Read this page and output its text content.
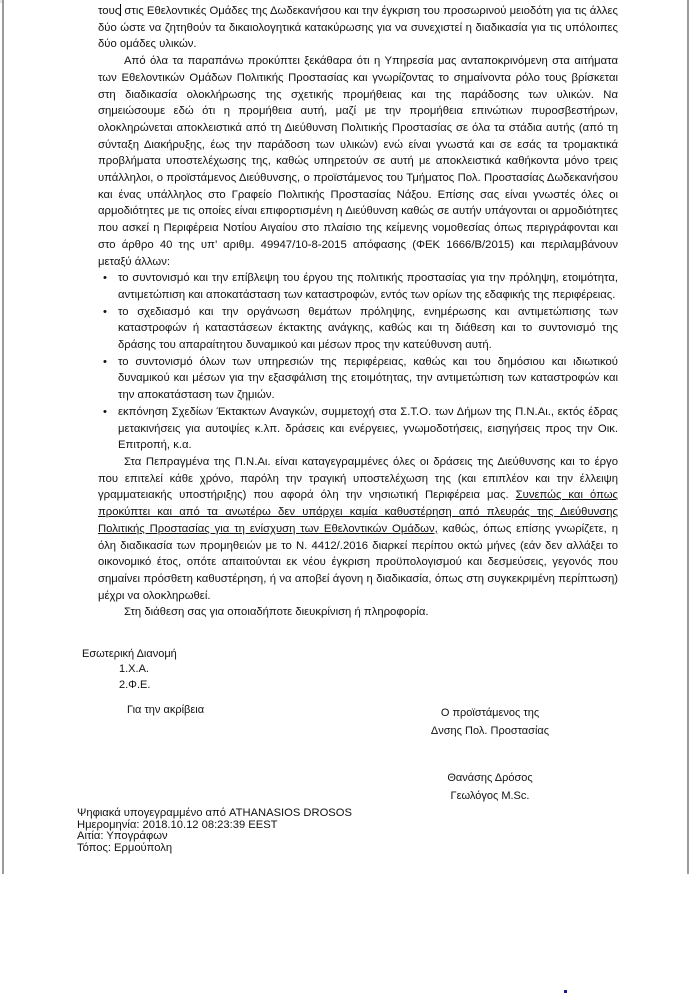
τους στις Εθελοντικές Ομάδες της Δωδεκανήσου και την έγκριση του προσωρινού μειοδότη για τις άλλες δύο ώστε να ζητηθούν τα δικαιολογητικά κατακύρωσης για να συνεχιστεί η διαδικασία για τις υπόλοιπες δύο ομάδες υλικών.

Από όλα τα παραπάνω προκύπτει ξεκάθαρα ότι η Υπηρεσία μας ανταποκρινόμενη στα αιτήματα των Εθελοντικών Ομάδων Πολιτικής Προστασίας και γνωρίζοντας το σημαίνοντα ρόλο τους βρίσκεται στη διαδικασία ολοκλήρωσης της σχετικής προμήθειας και της παράδοσης των υλικών. Να σημειώσουμε εδώ ότι η προμήθεια αυτή, μαζί με την προμήθεια επινώτιων πυροσβεστήρων, ολοκληρώνεται αποκλειστικά από τη Διεύθυνση Πολιτικής Προστασίας σε όλα τα στάδια αυτής (από τη σύνταξη Διακήρυξης, έως την παράδοση των υλικών) ενώ είναι γνωστά και σε εσάς τα τρομακτικά προβλήματα υποστελέχωσης της, καθώς υπηρετούν σε αυτή με αποκλειστικά καθήκοντα μόνο τρεις υπάλληλοι, ο προϊστάμενος Διεύθυνσης, ο προϊστάμενος του Τμήματος Πολ. Προστασίας Δωδεκανήσου και ένας υπάλληλος στο Γραφείο Πολιτικής Προστασίας Νάξου. Επίσης σας είναι γνωστές όλες οι αρμοδιότητες με τις οποίες είναι επιφορτισμένη η Διεύθυνση καθώς σε αυτήν υπάγονται οι αρμοδιότητες που ασκεί η Περιφέρεια Νοτίου Αιγαίου στο πλαίσιο της κείμενης νομοθεσίας όπως περιγράφονται και στο άρθρο 40 της υπ’ αριθμ. 49947/10-8-2015 απόφασης (ΦΕΚ 1666/Β/2015) και περιλαμβάνουν μεταξύ άλλων:

• το συντονισμό και την επίβλεψη του έργου της πολιτικής προστασίας για την πρόληψη, ετοιμότητα, αντιμετώπιση και αποκατάσταση των καταστροφών, εντός των ορίων της εδαφικής της περιφέρειας.
• το σχεδιασμό και την οργάνωση θεμάτων πρόληψης, ενημέρωσης και αντιμετώπισης των καταστροφών ή καταστάσεων έκτακτης ανάγκης, καθώς και τη διάθεση και το συντονισμό της δράσης του απαραίτητου δυναμικού και μέσων προς την κατεύθυνση αυτή.
• το συντονισμό όλων των υπηρεσιών της περιφέρειας, καθώς και του δημόσιου και ιδιωτικού δυναμικού και μέσων για την εξασφάλιση της ετοιμότητας, την αντιμετώπιση των καταστροφών και την αποκατάσταση των ζημιών.
• εκπόνηση Σχεδίων Έκτακτων Αναγκών, συμμετοχή στα Σ.Τ.Ο. των Δήμων της Π.Ν.Αι., εκτός έδρας μετακινήσεις για αυτοψίες κ.λπ. δράσεις και ενέργειες, γνωμοδοτήσεις, εισηγήσεις προς την Οικ. Επιτροπή, κ.α.

Στα Πεπραγμένα της Π.Ν.Αι. είναι καταγεγραμμένες όλες οι δράσεις της Διεύθυνσης και το έργο που επιτελεί κάθε χρόνο, παρόλη την τραγική υποστελέχωση της (και επιπλέον και την έλλειψη γραμματειακής υποστήριξης) που αφορά όλη την νησιωτική Περιφέρεια μας. Συνεπώς και όπως προκύπτει και από τα ανωτέρω δεν υπάρχει καμία καθυστέρηση από πλευράς της Διεύθυνσης Πολιτικής Προστασίας για τη ενίσχυση των Εθελοντικών Ομάδων, καθώς, όπως επίσης γνωρίζετε, η όλη διαδικασία των προμηθειών με το Ν. 4412/.2016 διαρκεί περίπου οκτώ μήνες (εάν δεν αλλάξει το οικονομικό έτος, οπότε απαιτούνται εκ νέου έγκριση προϋπολογισμού και δεσμεύσεις, γεγονός που σημαίνει πρόσθετη καθυστέρηση, ή να αποβεί άγονη η διαδικασία, όπως στη συγκεκριμένη περίπτωση) μέχρι να ολοκληρωθεί.

Στη διάθεση σας για οποιαδήποτε διευκρίνιση ή πληροφορία.

Εσωτερική Διανομή
1.Χ.Α.
2.Φ.Ε.
Για την ακρίβεια	Ο προϊστάμενος της
Δνσης Πολ. Προστασίας
Θανάσης Δρόσος
Γεωλόγος M.Sc.
Ψηφιακά υπογεγραμμένο από ATHANASIOS DROSOS
Ημερομηνία: 2018.10.12 08:23:39 EEST
Αιτία: Υπογράφων
Τόπος: Ερμούπολη
